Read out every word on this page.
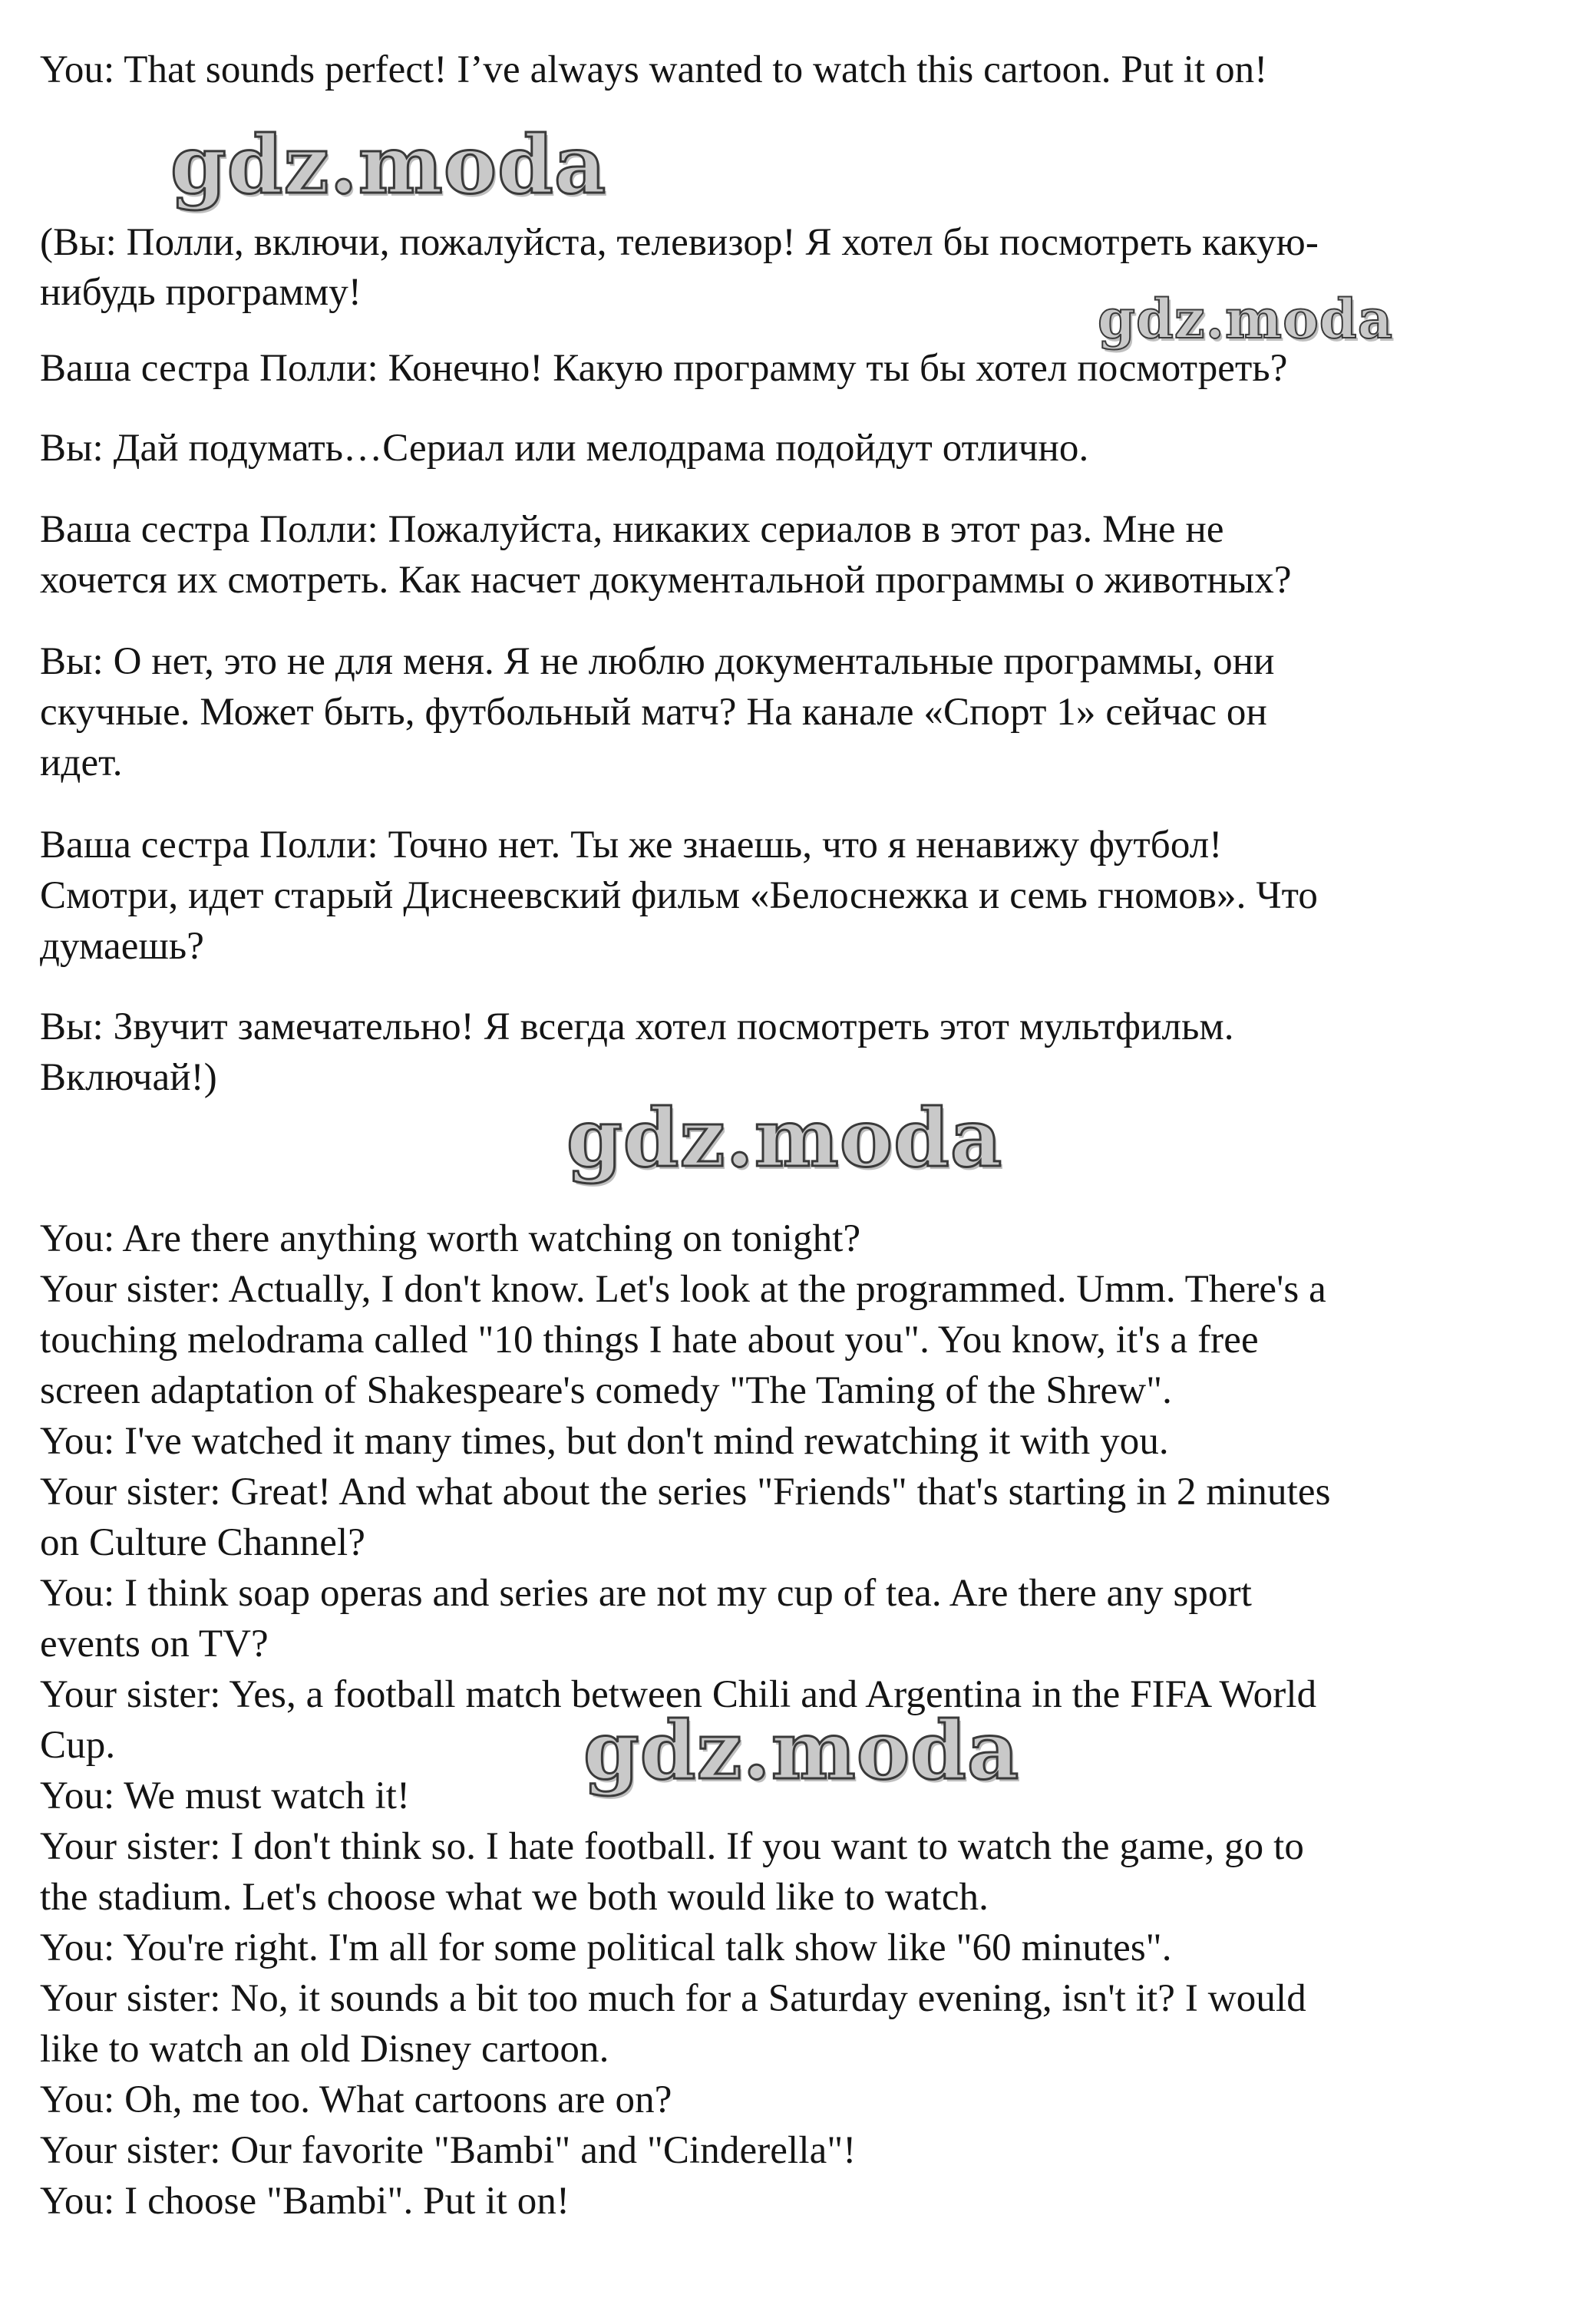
You: That sounds perfect! I’ve always wanted to watch this cartoon. Put it on!
(Вы: Полли, включи, пожалуйста, телевизор! Я хотел бы посмотреть какую-
нибудь программу!
Ваша сестра Полли: Конечно! Какую программу ты бы хотел посмотреть?
Вы: Дай подумать…Сериал или мелодрама подойдут отлично.
Ваша сестра Полли: Пожалуйста, никаких сериалов в этот раз. Мне не
хочется их смотреть. Как насчет документальной программы о животных?
Вы: О нет, это не для меня. Я не люблю документальные программы, они
скучные. Может быть, футбольный матч? На канале «Спорт 1» сейчас он
идет.
Ваша сестра Полли: Точно нет. Ты же знаешь, что я ненавижу футбол!
Смотри, идет старый Диснеевский фильм «Белоснежка и семь гномов». Что
думаешь?
Вы: Звучит замечательно! Я всегда хотел посмотреть этот мультфильм.
Включай!)
You: Are there anything worth watching on tonight?
Your sister: Actually, I don't know. Let's look at the programmed. Umm. There's a
touching melodrama called "10 things I hate about you". You know, it's a free
screen adaptation of Shakespeare's comedy "The Taming of the Shrew".
You: I've watched it many times, but don't mind rewatching it with you.
Your sister: Great! And what about the series "Friends" that's starting in 2 minutes
on Culture Channel?
You: I think soap operas and series are not my cup of tea. Are there any sport
events on TV?
Your sister: Yes, a football match between Chili and Argentina in the FIFA World
Cup.
You: We must watch it!
Your sister: I don't think so. I hate football. If you want to watch the game, go to
the stadium. Let's choose what we both would like to watch.
You: You're right. I'm all for some political talk show like "60 minutes".
Your sister: No, it sounds a bit too much for a Saturday evening, isn't it? I would
like to watch an old Disney cartoon.
You: Oh, me too. What cartoons are on?
Your sister: Our favorite "Bambi" and "Cinderella"!
You: I choose "Bambi". Put it on!
gdz.moda
gdz.moda
gdz.moda
gdz.moda
